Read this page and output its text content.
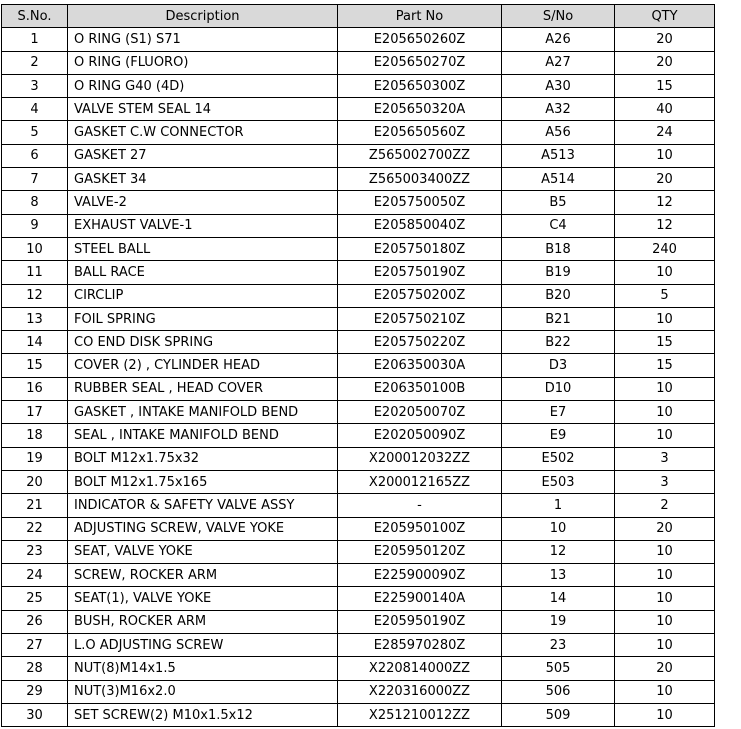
S.No.	Description	Part No	S/No	QTY
1	O RING (S1) S71	E205650260Z	A26	20
2	O RING (FLUORO)	E205650270Z	A27	20
3	O RING G40 (4D)	E205650300Z	A30	15
4	VALVE STEM SEAL 14	E205650320A	A32	40
5	GASKET C.W CONNECTOR	E205650560Z	A56	24
6	GASKET 27	Z565002700ZZ	A513	10
7	GASKET 34	Z565003400ZZ	A514	20
8	VALVE-2	E205750050Z	B5	12
9	EXHAUST VALVE-1	E205850040Z	C4	12
10	STEEL BALL	E205750180Z	B18	240
11	BALL RACE	E205750190Z	B19	10
12	CIRCLIP	E205750200Z	B20	5
13	FOIL SPRING	E205750210Z	B21	10
14	CO END DISK SPRING	E205750220Z	B22	15
15	COVER (2) , CYLINDER HEAD	E206350030A	D3	15
16	RUBBER SEAL , HEAD COVER	E206350100B	D10	10
17	GASKET , INTAKE MANIFOLD BEND	E202050070Z	E7	10
18	SEAL , INTAKE MANIFOLD BEND	E202050090Z	E9	10
19	BOLT M12x1.75x32	X200012032ZZ	E502	3
20	BOLT M12x1.75x165	X200012165ZZ	E503	3
21	INDICATOR & SAFETY VALVE ASSY	-	1	2
22	ADJUSTING SCREW, VALVE YOKE	E205950100Z	10	20
23	SEAT, VALVE YOKE	E205950120Z	12	10
24	SCREW, ROCKER ARM	E225900090Z	13	10
25	SEAT(1), VALVE YOKE	E225900140A	14	10
26	BUSH, ROCKER ARM	E205950190Z	19	10
27	L.O ADJUSTING SCREW	E285970280Z	23	10
28	NUT(8)M14x1.5	X220814000ZZ	505	20
29	NUT(3)M16x2.0	X220316000ZZ	506	10
30	SET SCREW(2) M10x1.5x12	X251210012ZZ	509	10
